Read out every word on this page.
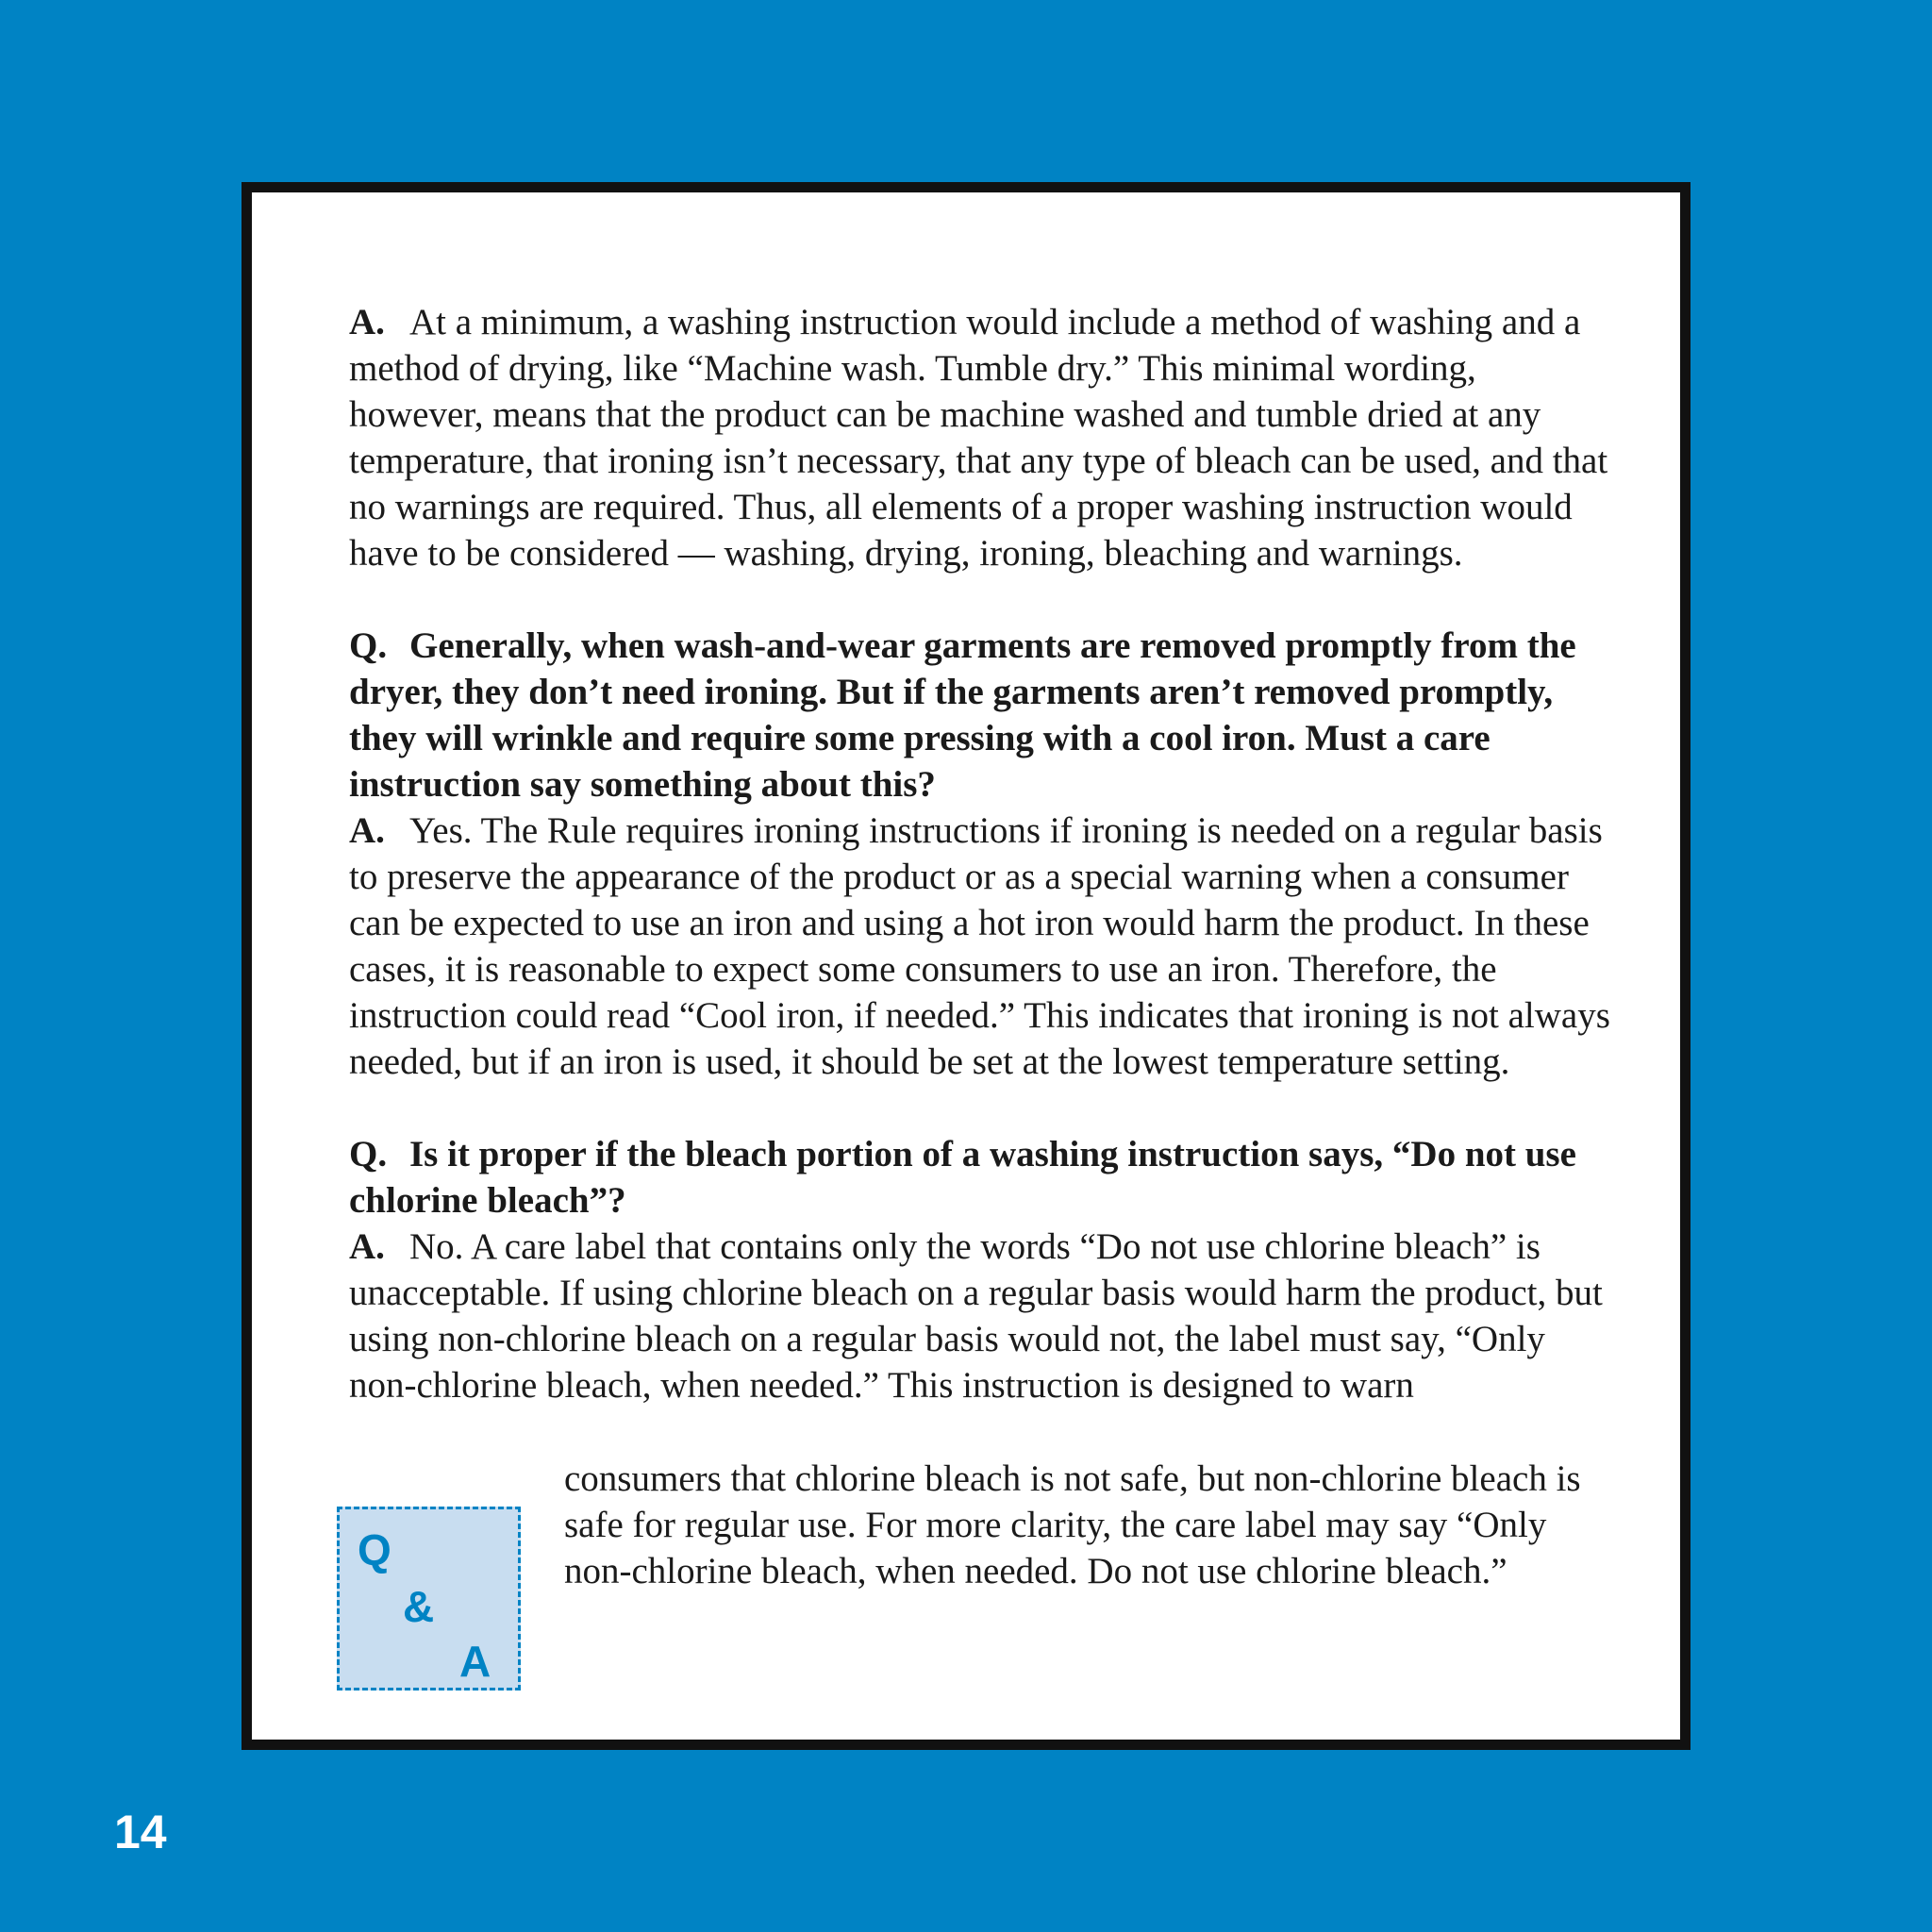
A. At a minimum, a washing instruction would include a method of washing and a method of drying, like “Machine wash. Tumble dry.” This minimal wording, however, means that the product can be machine washed and tumble dried at any temperature, that ironing isn’t necessary, that any type of bleach can be used, and that no warnings are required. Thus, all elements of a proper washing instruction would have to be considered — washing, drying, ironing, bleaching and warnings.

Q. Generally, when wash-and-wear garments are removed promptly from the dryer, they don’t need ironing. But if the garments aren’t removed promptly, they will wrinkle and require some pressing with a cool iron. Must a care instruction say something about this?

A. Yes. The Rule requires ironing instructions if ironing is needed on a regular basis to preserve the appearance of the product or as a special warning when a consumer can be expected to use an iron and using a hot iron would harm the product. In these cases, it is reasonable to expect some consumers to use an iron. Therefore, the instruction could read “Cool iron, if needed.” This indicates that ironing is not always needed, but if an iron is used, it should be set at the lowest temperature setting.

Q. Is it proper if the bleach portion of a washing instruction says, “Do not use chlorine bleach”?

A. No. A care label that contains only the words “Do not use chlorine bleach” is unacceptable. If using chlorine bleach on a regular basis would harm the product, but using non-chlorine bleach on a regular basis would not, the label must say, “Only non-chlorine bleach, when needed.” This instruction is designed to warn

consumers that chlorine bleach is not safe, but non-chlorine bleach is safe for regular use. For more clarity, the care label may say “Only non-chlorine bleach, when needed. Do not use chlorine bleach.”
Q
&
A
14
